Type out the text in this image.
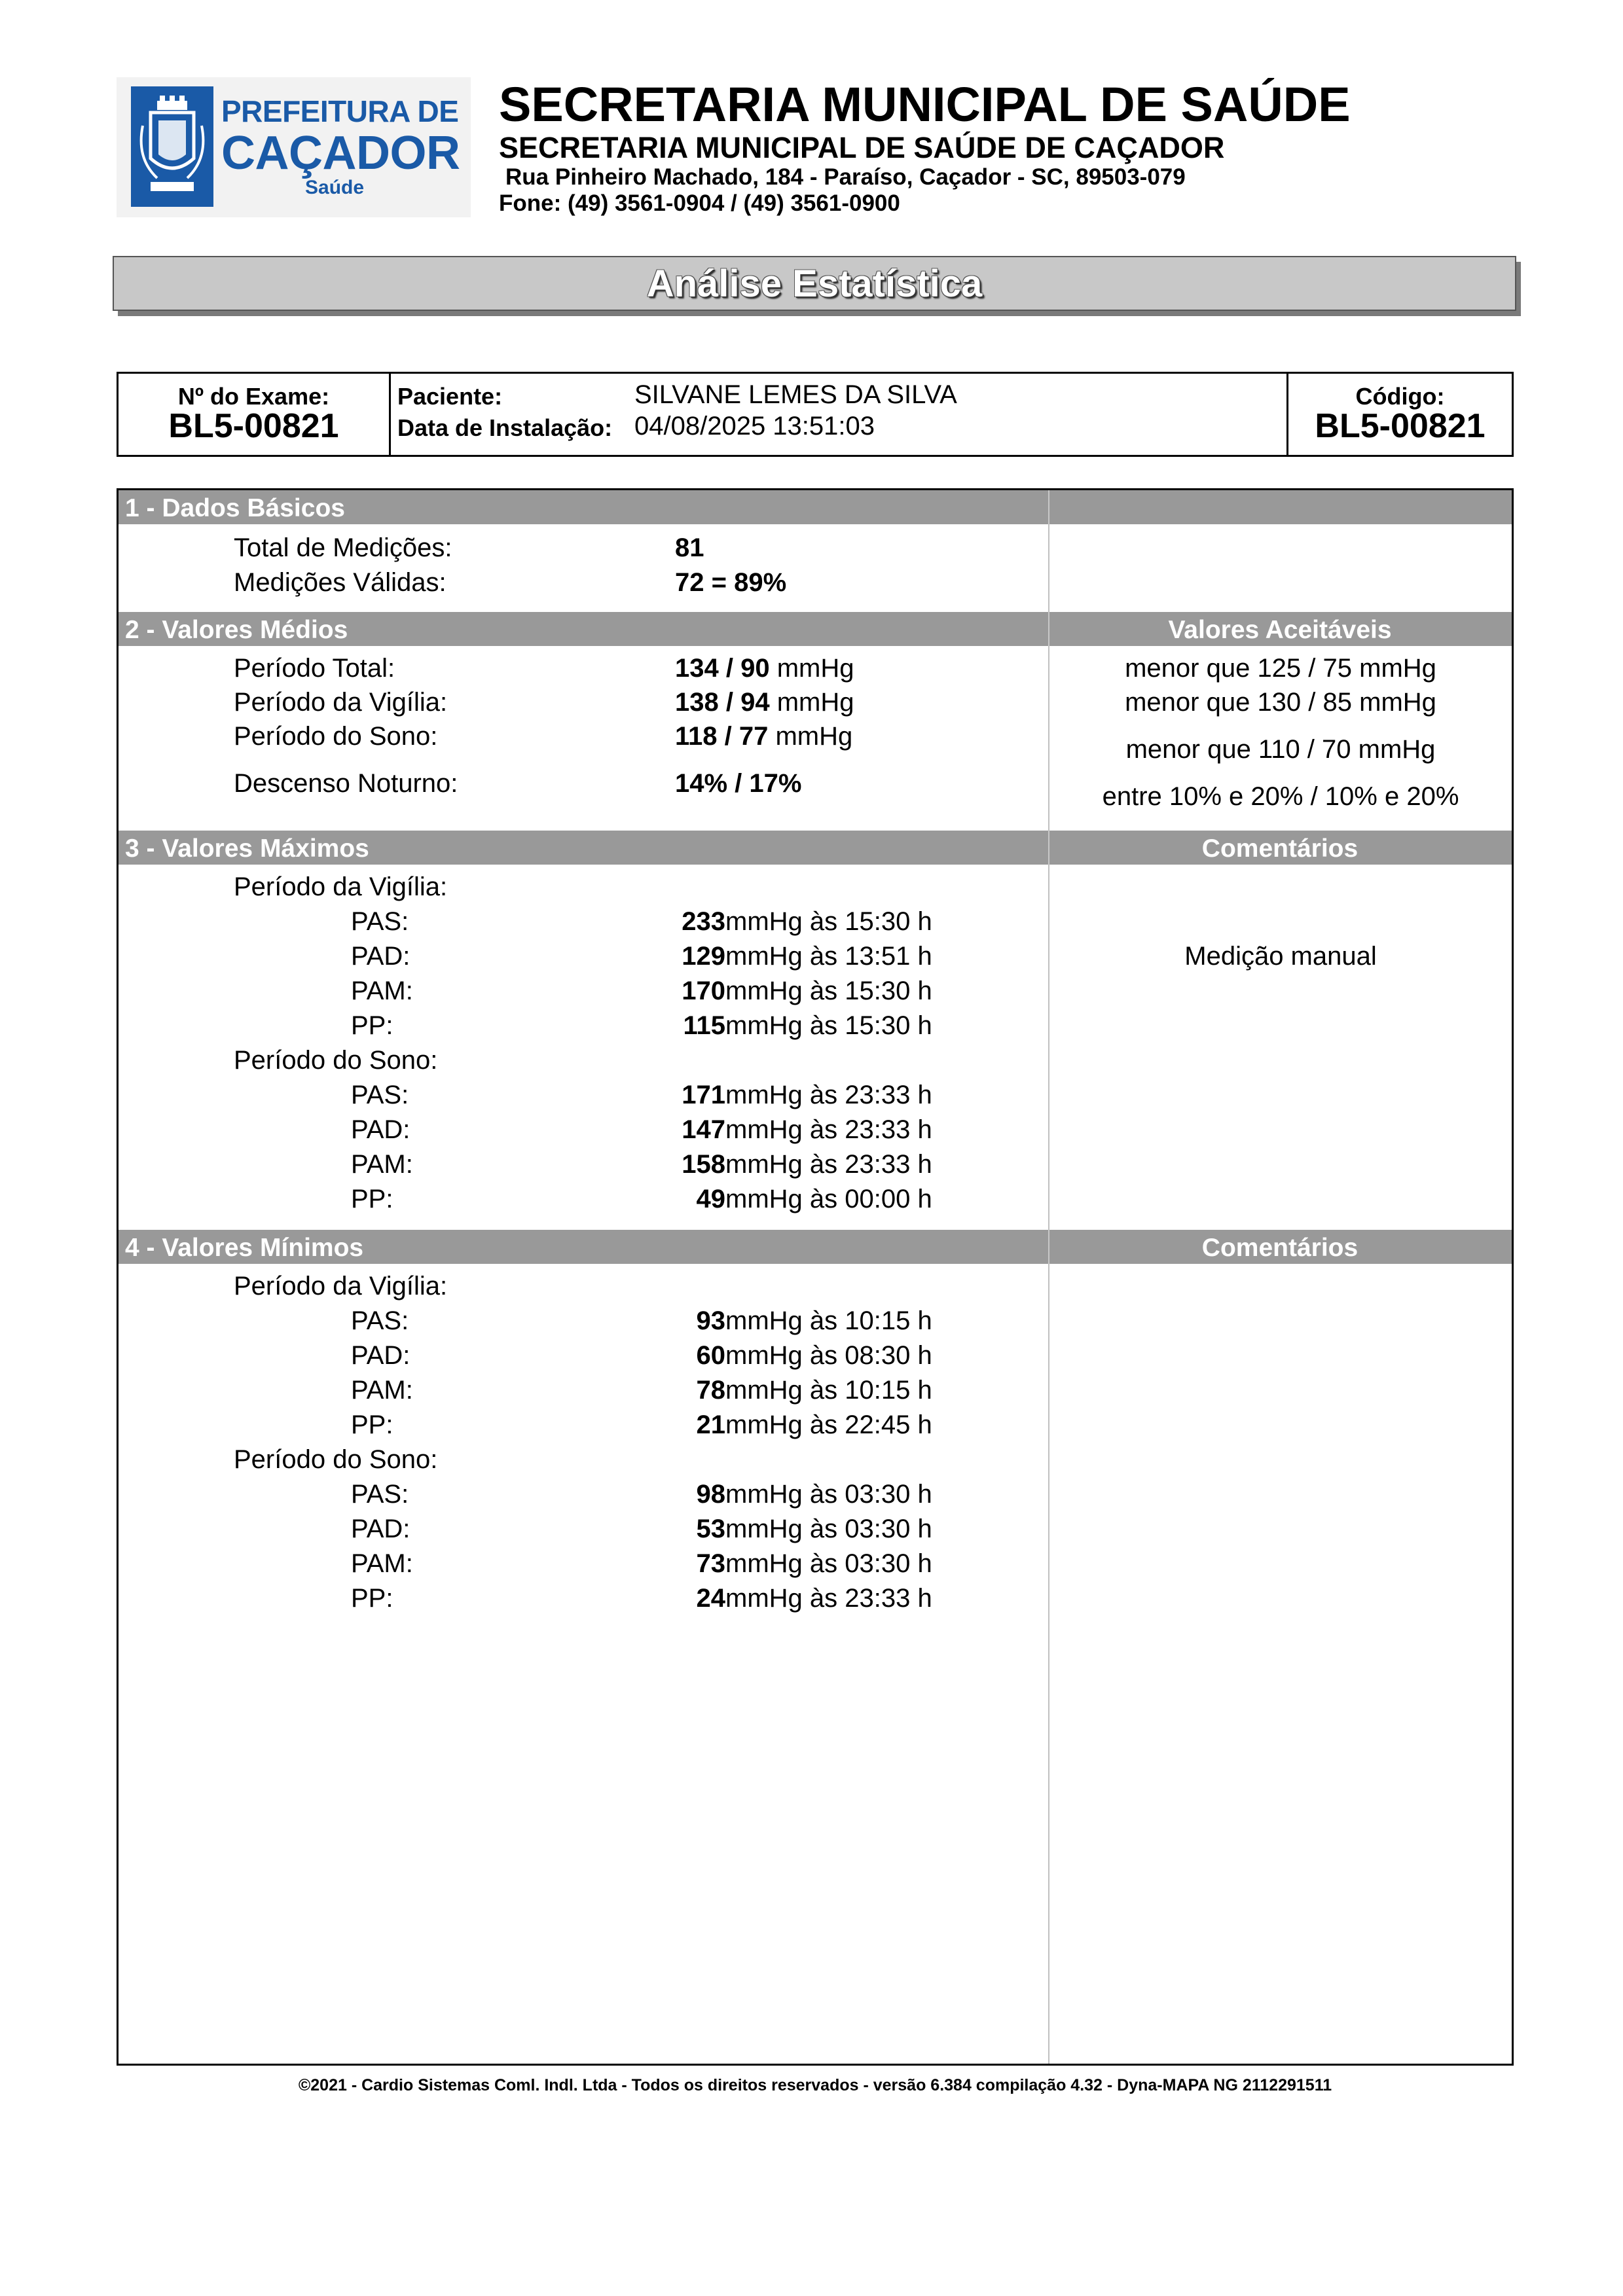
PREFEITURA DE
CAÇADOR
Saúde
SECRETARIA MUNICIPAL DE SAÚDE
SECRETARIA MUNICIPAL DE SAÚDE DE CAÇADOR
Rua Pinheiro Machado, 184 - Paraíso, Caçador - SC, 89503-079
Fone: (49) 3561-0904 / (49) 3561-0900
Análise Estatística
Nº do Exame:
BL5-00821
Paciente:	SILVANE LEMES DA SILVA
Data de Instalação: 04/08/2025 13:51:03
Código:
BL5-00821
1 - Dados Básicos
Total de Medições:	81
Medições Válidas:	72 = 89%
2 - Valores Médios	Valores Aceitáveis
Período Total:	134 / 90 mmHg	menor que 125 / 75 mmHg
Período da Vigília:	138 / 94 mmHg	menor que 130 / 85 mmHg
Período do Sono:	118 / 77 mmHg	menor que 110 / 70 mmHg
Descenso Noturno:	14% / 17%	entre 10% e 20% / 10% e 20%
3 - Valores Máximos	Comentários
Medição manual
Período da Vigília:
PAS:	233 mmHg às 15:30 h
PAD:	129 mmHg às 13:51 h
PAM:	170 mmHg às 15:30 h
PP:	115 mmHg às 15:30 h
Período do Sono:
PAS:	171 mmHg às 23:33 h
PAD:	147 mmHg às 23:33 h
PAM:	158 mmHg às 23:33 h
PP:	49 mmHg às 00:00 h
4 - Valores Mínimos	Comentários
Período da Vigília:
PAS:	93 mmHg às 10:15 h
PAD:	60 mmHg às 08:30 h
PAM:	78 mmHg às 10:15 h
PP:	21 mmHg às 22:45 h
Período do Sono:
PAS:	98 mmHg às 03:30 h
PAD:	53 mmHg às 03:30 h
PAM:	73 mmHg às 03:30 h
PP:	24 mmHg às 23:33 h
©2021 - Cardio Sistemas Coml. Indl. Ltda - Todos os direitos reservados - versão 6.384 compilação 4.32 - Dyna-MAPA NG 2112291511
